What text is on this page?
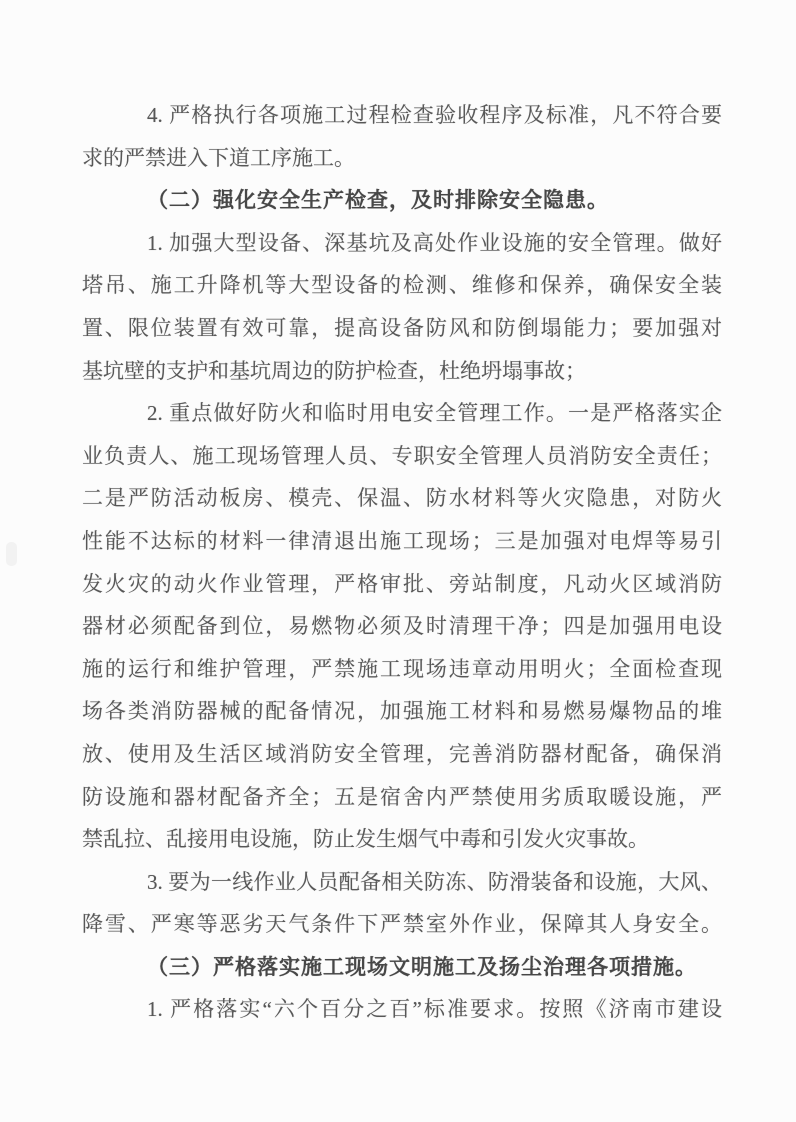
4. 严格执行各项施工过程检查验收程序及标准，凡不符合要
求的严禁进入下道工序施工。
（二）强化安全生产检查，及时排除安全隐患。
1. 加强大型设备、深基坑及高处作业设施的安全管理。做好
塔吊、施工升降机等大型设备的检测、维修和保养，确保安全装
置、限位装置有效可靠，提高设备防风和防倒塌能力；要加强对
基坑壁的支护和基坑周边的防护检查，杜绝坍塌事故；
2. 重点做好防火和临时用电安全管理工作。一是严格落实企
业负责人、施工现场管理人员、专职安全管理人员消防安全责任；
二是严防活动板房、模壳、保温、防水材料等火灾隐患，对防火
性能不达标的材料一律清退出施工现场；三是加强对电焊等易引
发火灾的动火作业管理，严格审批、旁站制度，凡动火区域消防
器材必须配备到位，易燃物必须及时清理干净；四是加强用电设
施的运行和维护管理，严禁施工现场违章动用明火；全面检查现
场各类消防器械的配备情况，加强施工材料和易燃易爆物品的堆
放、使用及生活区域消防安全管理，完善消防器材配备，确保消
防设施和器材配备齐全；五是宿舍内严禁使用劣质取暖设施，严
禁乱拉、乱接用电设施，防止发生烟气中毒和引发火灾事故。
3. 要为一线作业人员配备相关防冻、防滑装备和设施，大风、
降雪、严寒等恶劣天气条件下严禁室外作业，保障其人身安全。
（三）严格落实施工现场文明施工及扬尘治理各项措施。
1. 严格落实“六个百分之百”标准要求。按照《济南市建设
